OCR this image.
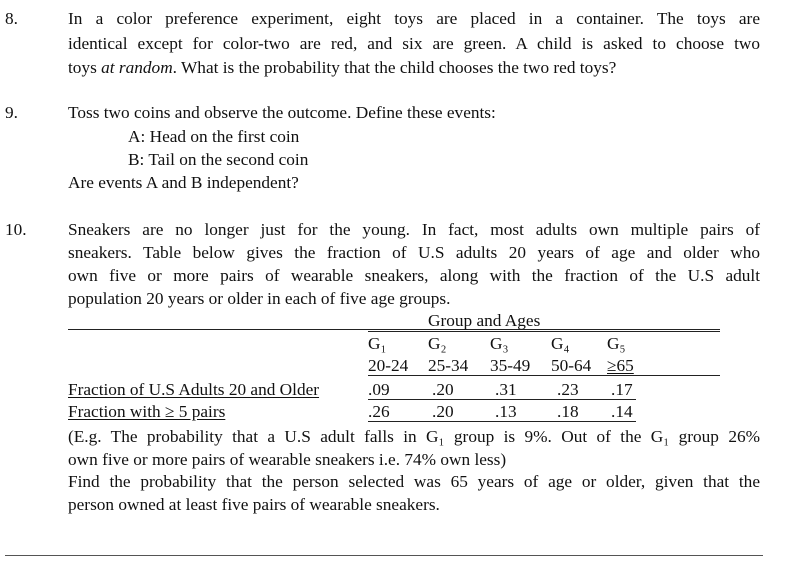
8.	In a color preference experiment, eight toys are placed in a container. The toys are
identical except for color-two are red, and six are green. A child is asked to choose two
toys at random. What is the probability that the child chooses the two red toys?
9.	Toss two coins and observe the outcome. Define these events:
A: Head on the first coin
B: Tail on the second coin
Are events A and B independent?
10. Sneakers are no longer just for the young. In fact, most adults own multiple pairs of
sneakers. Table below gives the fraction of U.S adults 20 years of age and older who
own five or more pairs of wearable sneakers, along with the fraction of the U.S adult
population 20 years or older in each of five age groups.
Group and Ages
G₁ G₂	G₃ G₄ G₅
20-24 25-34 35-49 50-64 ≥65
Fraction of U.S Adults 20 and Older	.09 .20 .31 .23 .17
Fraction with ≥ 5 pairs	.26 .20 .13 .18 .14
(E.g. The probability that a U.S adult falls in G₁ group is 9%. Out of the G₁ group 26%
own five or more pairs of wearable sneakers i.e. 74% own less)
Find the probability that the person selected was 65 years of age or older, given that the
person owned at least five pairs of wearable sneakers.
